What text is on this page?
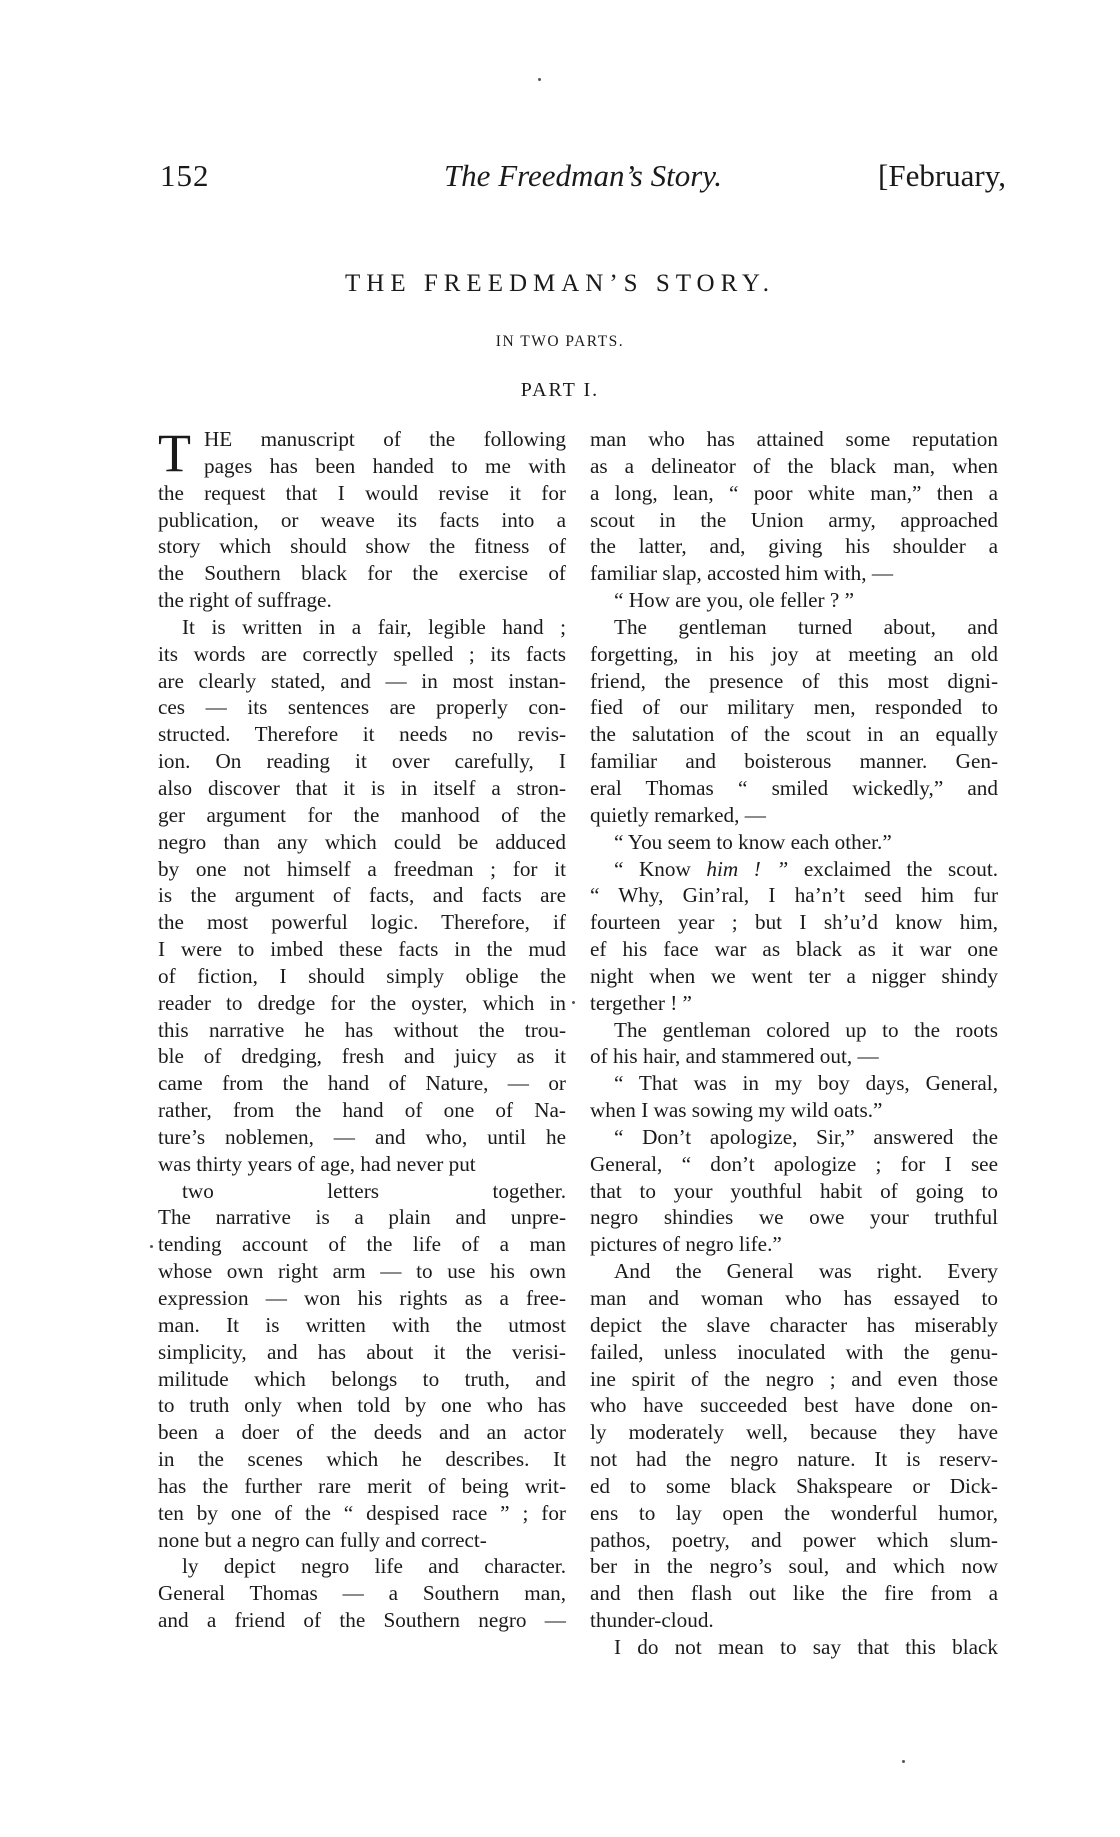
152	The Freedman’s Story.	[February,
THE FREEDMAN’S STORY.
IN TWO PARTS.
PART I.
T HE manuscript of the following
pages has been handed to me with
the request that I would revise it for
publication, or weave its facts into a
story which should show the fitness of
the Southern black for the exercise of
the right of suffrage.
It is written in a fair, legible hand ;
its words are correctly spelled ; its facts
are clearly stated, and — in most instan-
ces — its sentences are properly con-
structed. Therefore it needs no revis-
ion. On reading it over carefully, I
also discover that it is in itself a stron-
ger argument for the manhood of the
negro than any which could be adduced
by one not himself a freedman ; for it
is the argument of facts, and facts are
the most powerful logic. Therefore, if
I were to imbed these facts in the mud
of fiction, I should simply oblige the
reader to dredge for the oyster, which in
this narrative he has without the trou-
ble of dredging, fresh and juicy as it
came from the hand of Nature, — or
rather, from the hand of one of Na-
ture’s noblemen, — and who, until he
was thirty years of age, had never put
two letters together.
The narrative is a plain and unpre-
tending account of the life of a man
whose own right arm — to use his own
expression — won his rights as a free-
man. It is written with the utmost
simplicity, and has about it the verisi-
militude which belongs to truth, and
to truth only when told by one who has
been a doer of the deeds and an actor
in the scenes which he describes. It
has the further rare merit of being writ-
ten by one of the “ despised race ” ; for
none but a negro can fully and correct-
ly depict negro life and character.
General Thomas — a Southern man,
and a friend of the Southern negro —
man who has attained some reputation
as a delineator of the black man, when
a long, lean, “ poor white man,” then a
scout in the Union army, approached
the latter, and, giving his shoulder a
familiar slap, accosted him with, —
“ How are you, ole feller ? ”
The gentleman turned about, and
forgetting, in his joy at meeting an old
friend, the presence of this most digni-
fied of our military men, responded to
the salutation of the scout in an equally
familiar and boisterous manner. Gen-
eral Thomas “ smiled wickedly,” and
quietly remarked, —
“ You seem to know each other.”
“ Know him ! ” exclaimed the scout.
“ Why, Gin’ral, I ha’n’t seed him fur
fourteen year ; but I sh’u’d know him,
ef his face war as black as it war one
night when we went ter a nigger shindy
tergether ! ”
The gentleman colored up to the roots
of his hair, and stammered out, —
“ That was in my boy days, General,
when I was sowing my wild oats.”
“ Don’t apologize, Sir,” answered the
General, “ don’t apologize ; for I see
that to your youthful habit of going to
negro shindies we owe your truthful
pictures of negro life.”
And the General was right. Every
man and woman who has essayed to
depict the slave character has miserably
failed, unless inoculated with the genu-
ine spirit of the negro ; and even those
who have succeeded best have done on-
ly moderately well, because they have
not had the negro nature. It is reserv-
ed to some black Shakspeare or Dick-
ens to lay open the wonderful humor,
pathos, poetry, and power which slum-
ber in the negro’s soul, and which now
and then flash out like the fire from a
thunder-cloud.
I do not mean to say that this black
